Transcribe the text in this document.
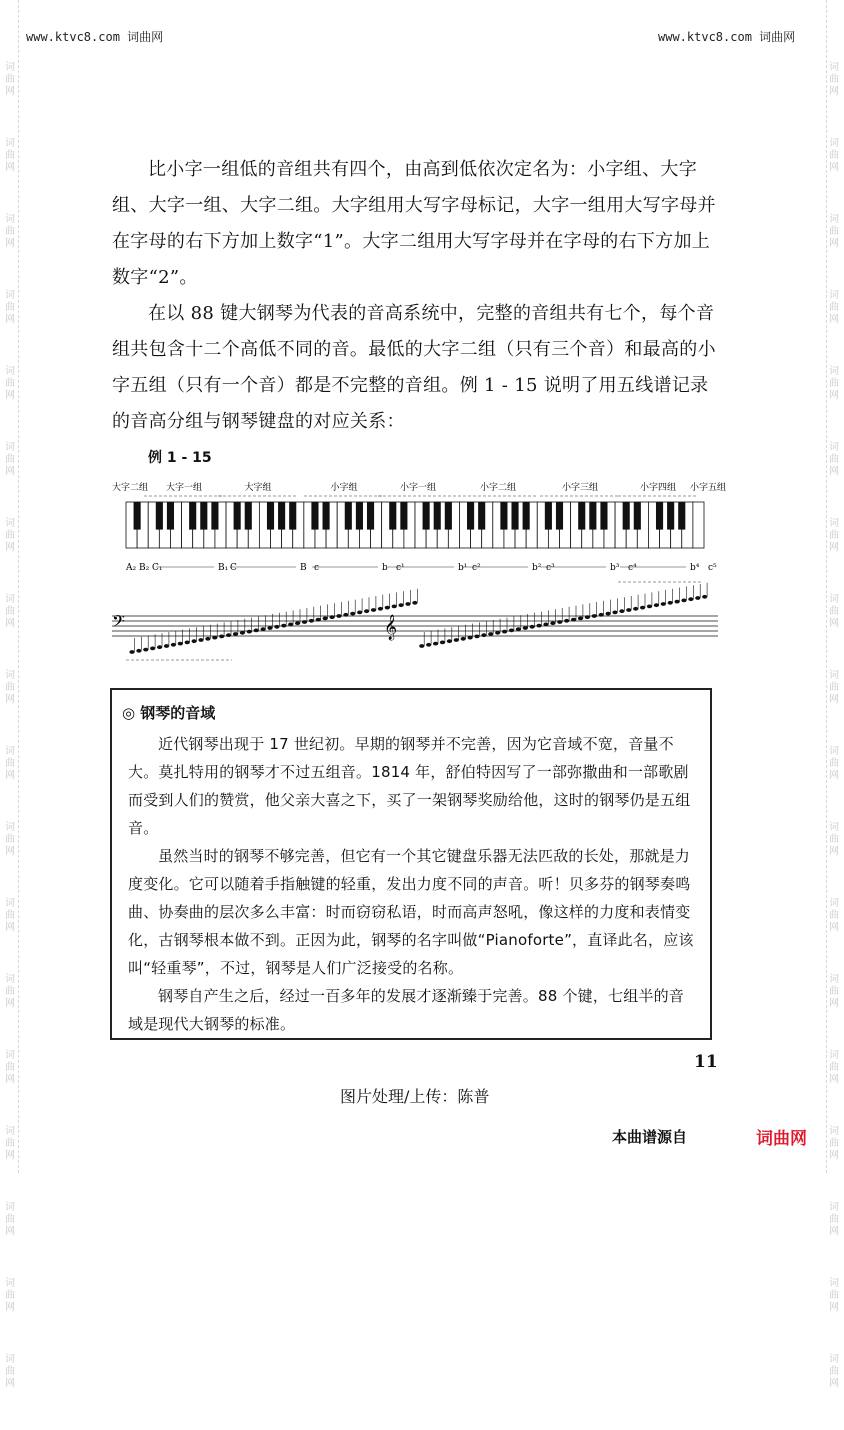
词
曲
网
词
曲
网
词
曲
网
词
曲
网
词
曲
网
词
曲
网
词
曲
网
词
曲
网
词
曲
网
词
曲
网
词
曲
网
词
曲
网
词
曲
网
词
曲
网
词
曲
网
词
曲
网
词
曲
网
词
曲
网
词
曲
网
词
曲
网
词
曲
网
词
曲
网
词
曲
网
词
曲
网
词
曲
网
词
曲
网
词
曲
网
词
曲
网
词
曲
网
词
曲
网
词
曲
网
词
曲
网
词
曲
网
词
曲
网
词
曲
网
词
曲
网
www.ktvc8.com 词曲网	www.ktvc8.com 词曲网

比小字一组低的音组共有四个，由高到低依次定名为：小字组、大字组、大字一组、大字二组。大字组用大写字母标记，大字一组用大写字母并在字母的右下方加上数字“1”。大字二组用大写字母并在字母的右下方加上数字“2”。

在以 88 键大钢琴为代表的音高系统中，完整的音组共有七个，每个音组共包含十二个高低不同的音。最低的大字二组（只有三个音）和最高的小字五组（只有一个音）都是不完整的音组。例 1 - 15 说明了用五线谱记录的音高分组与钢琴键盘的对应关系：

例 1 - 15
大字二组 大字一组	大字组	小字组	小字一组	小字二组	小字三组	小字四组 小字五组
A₂ B₂ C₁	B₁ C	B c	b c¹	b¹ c²	b² c³	b³ c⁴	b⁴ c⁵
𝄢	𝄞
◎ 钢琴的音域

近代钢琴出现于 17 世纪初。早期的钢琴并不完善，因为它音域不宽，音量不大。莫扎特用的钢琴才不过五组音。1814 年，舒伯特因写了一部弥撒曲和一部歌剧而受到人们的赞赏，他父亲大喜之下，买了一架钢琴奖励给他，这时的钢琴仍是五组音。

虽然当时的钢琴不够完善，但它有一个其它键盘乐器无法匹敌的长处，那就是力度变化。它可以随着手指触键的轻重，发出力度不同的声音。听！贝多芬的钢琴奏鸣曲、协奏曲的层次多么丰富：时而窃窃私语，时而高声怒吼，像这样的力度和表情变化，古钢琴根本做不到。正因为此，钢琴的名字叫做“Pianoforte”，直译此名，应该叫“轻重琴”，不过，钢琴是人们广泛接受的名称。

钢琴自产生之后，经过一百多年的发展才逐渐臻于完善。88 个键，七组半的音域是现代大钢琴的标准。

11
图片处理/上传：陈普
本曲谱源自	词曲网
